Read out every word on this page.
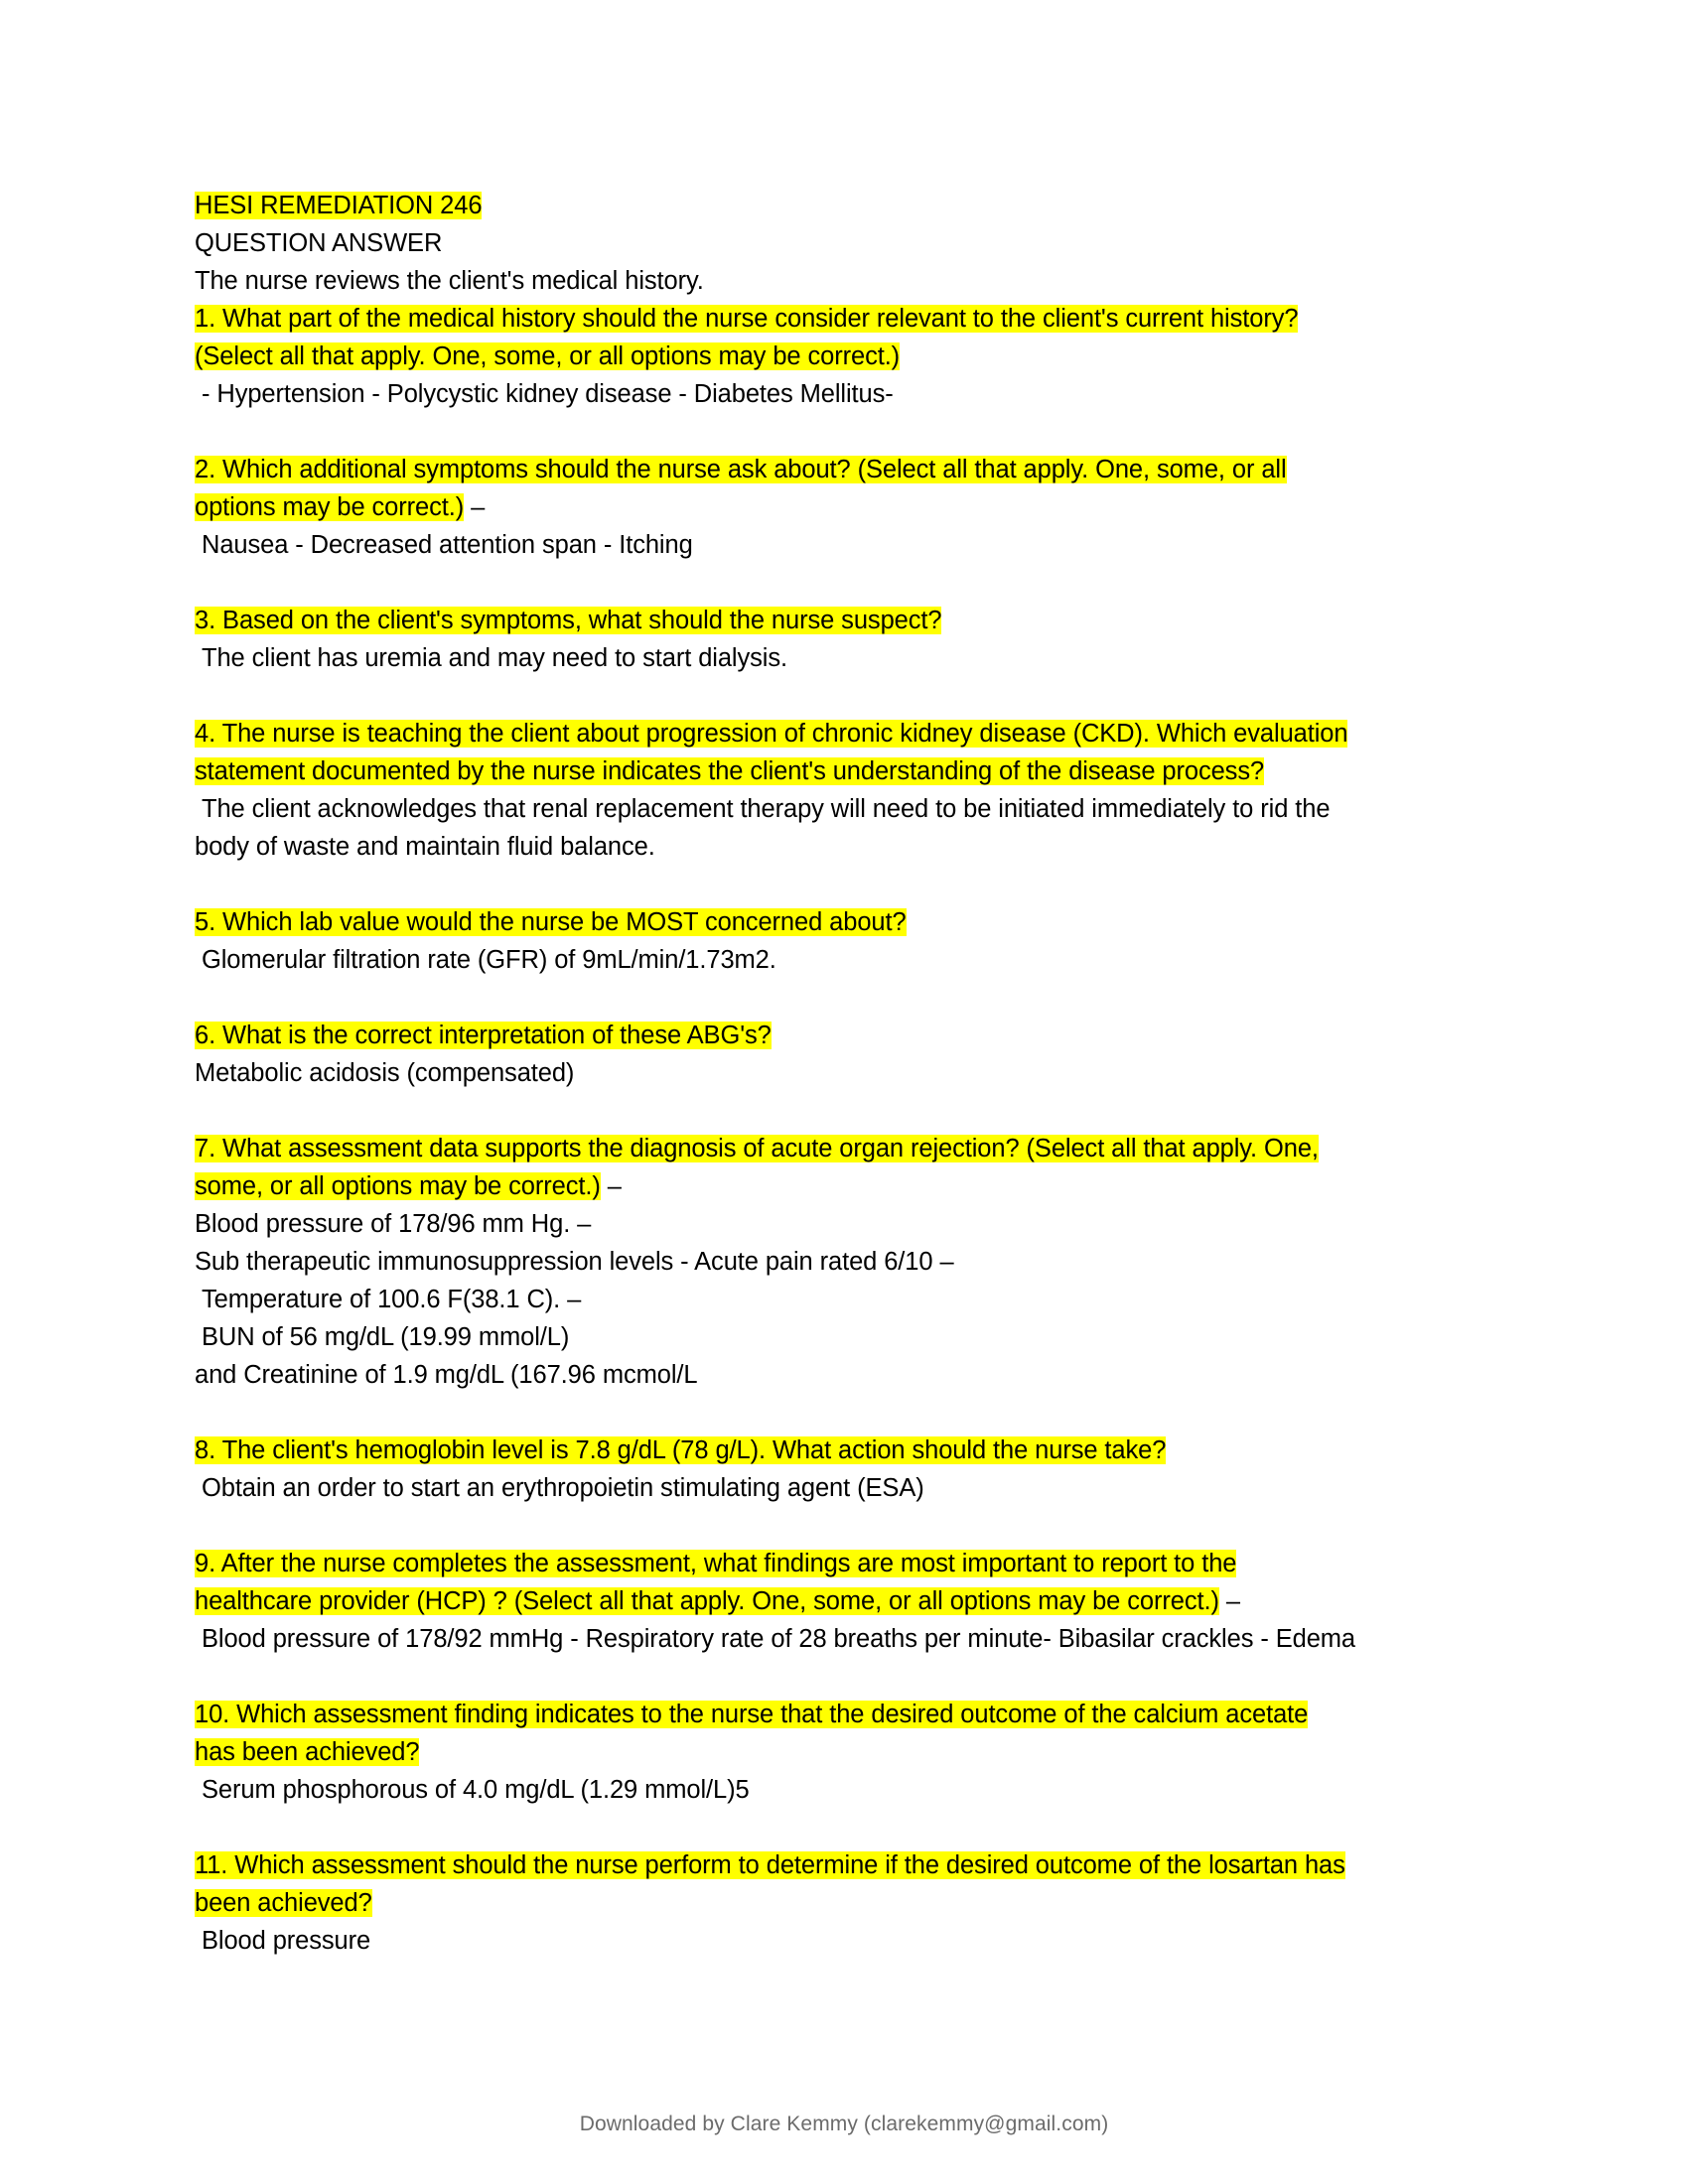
HESI REMEDIATION 246
QUESTION ANSWER
The nurse reviews the client's medical history.
1. What part of the medical history should the nurse consider relevant to the client's current history?
(Select all that apply. One, some, or all options may be correct.)
- Hypertension - Polycystic kidney disease - Diabetes Mellitus-
2. Which additional symptoms should the nurse ask about? (Select all that apply. One, some, or all
options may be correct.) –
Nausea - Decreased attention span - Itching
3. Based on the client's symptoms, what should the nurse suspect?
The client has uremia and may need to start dialysis.
4. The nurse is teaching the client about progression of chronic kidney disease (CKD). Which evaluation
statement documented by the nurse indicates the client's understanding of the disease process?
The client acknowledges that renal replacement therapy will need to be initiated immediately to rid the
body of waste and maintain fluid balance.
5. Which lab value would the nurse be MOST concerned about?
Glomerular filtration rate (GFR) of 9mL/min/1.73m2.
6. What is the correct interpretation of these ABG's?
Metabolic acidosis (compensated)
7. What assessment data supports the diagnosis of acute organ rejection? (Select all that apply. One,
some, or all options may be correct.) –
Blood pressure of 178/96 mm Hg. –
Sub therapeutic immunosuppression levels - Acute pain rated 6/10 –
Temperature of 100.6 F(38.1 C). –
BUN of 56 mg/dL (19.99 mmol/L)
and Creatinine of 1.9 mg/dL (167.96 mcmol/L
8. The client's hemoglobin level is 7.8 g/dL (78 g/L). What action should the nurse take?
Obtain an order to start an erythropoietin stimulating agent (ESA)
9. After the nurse completes the assessment, what findings are most important to report to the
healthcare provider (HCP) ? (Select all that apply. One, some, or all options may be correct.) –
Blood pressure of 178/92 mmHg - Respiratory rate of 28 breaths per minute- Bibasilar crackles - Edema
10. Which assessment finding indicates to the nurse that the desired outcome of the calcium acetate
has been achieved?
Serum phosphorous of 4.0 mg/dL (1.29 mmol/L)5
11. Which assessment should the nurse perform to determine if the desired outcome of the losartan has
been achieved?
Blood pressure
Downloaded by Clare Kemmy (clarekemmy@gmail.com)
